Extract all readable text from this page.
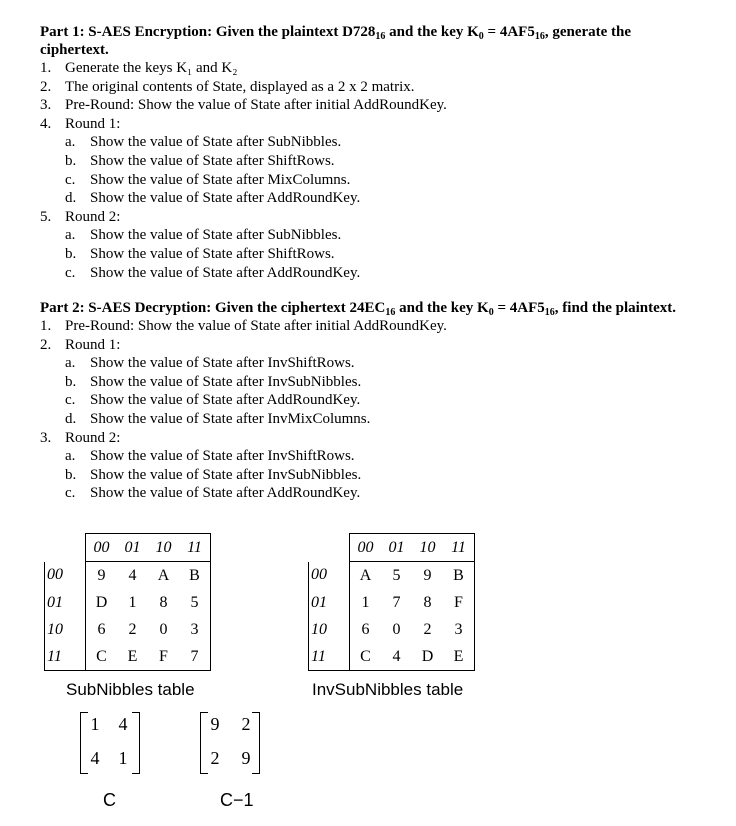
Part 1: S-AES Encryption: Given the plaintext $D728_{16}$ and the key $K_0 = 4AF5_{16}$, generate the ciphertext.

1. Generate the keys K₁ and K₂
2. The original contents of State, displayed as a 2 x 2 matrix.
3. Pre-Round: Show the value of State after initial AddRoundKey.
4. Round 1:
a. Show the value of State after SubNibbles.
b. Show the value of State after ShiftRows.
c. Show the value of State after MixColumns.
d. Show the value of State after AddRoundKey.
5. Round 2:
a. Show the value of State after SubNibbles.
b. Show the value of State after ShiftRows.
c. Show the value of State after AddRoundKey.

Part 2: S-AES Decryption: Given the ciphertext $24EC_{16}$ and the key $K_0 = 4AF5_{16}$, find the plaintext.

1. Pre-Round: Show the value of State after initial AddRoundKey.
2. Round 1:
a. Show the value of State after InvShiftRows.
b. Show the value of State after InvSubNibbles.
c. Show the value of State after AddRoundKey.
d. Show the value of State after InvMixColumns.
3. Round 2:
a. Show the value of State after InvShiftRows.
b. Show the value of State after InvSubNibbles.
c. Show the value of State after AddRoundKey.
	00	01	10	11
00	9	4	A	B
01	D	1	8	5
10	6	2	0	3
11	C	E	F	7
SubNibbles table
	00	01	10	11
00	A	5	9	B
01	1	7	8	F
10	6	0	2	3
11	C	4	D	E
InvSubNibbles table
1	4
4	1
C
9	2
2	9
C−1
